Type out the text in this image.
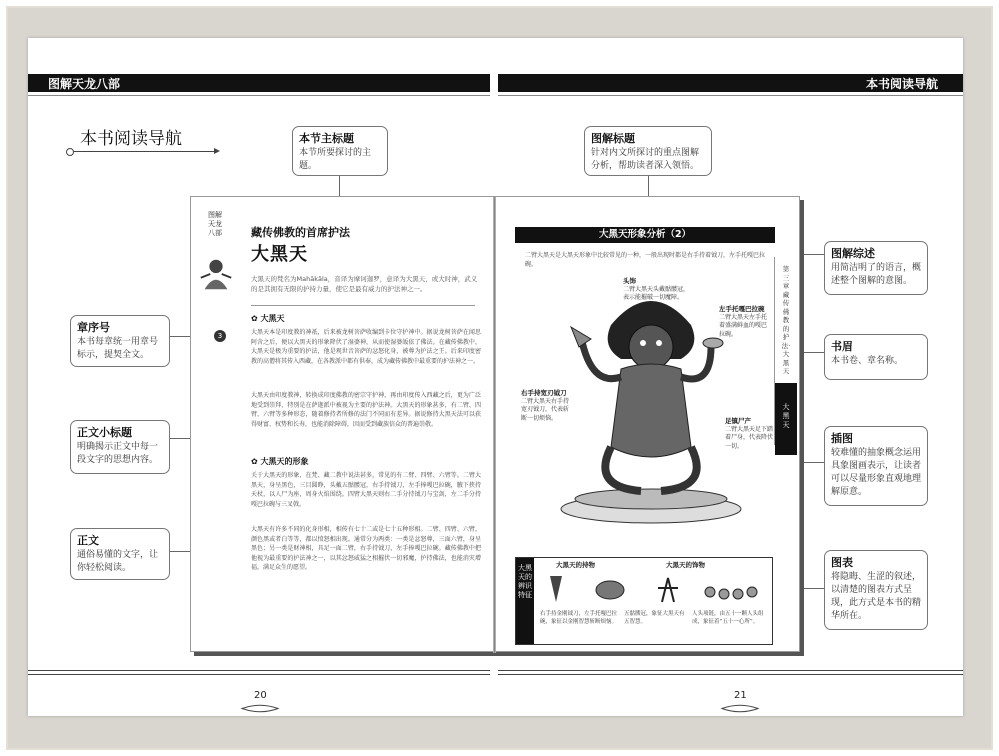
图解天龙八部	本书阅读导航
本书阅读导航	本节主标题
本节所要探讨的主题。
图解标题
针对内文所探讨的重点图解分析，帮助读者深入领悟。
章序号
本书每章统一用章号标示，提契全文。
正文小标题
明确揭示正文中每一段文字的思想内容。
正文
通俗易懂的文字，让你轻松阅读。
图解综述
用简洁明了的语言，概述整个图解的意图。
书眉
本书卷、章名称。
插图
较难懂的抽象概念运用具象图画表示，让读者可以尽量形象直观地理解原意。
图表
将隐晦、生涩的叙述，以清楚的图表方式呈现，此方式是本书的精华所在。
图解天龙八部
3
藏传佛教的首席护法
大黑天
大黑天的梵名为Mahākāla，音译为摩诃迦罗，意译为大黑天，或大时神，武义的是其拥有无限的护持力量，使它是最有威力的护法神之一。
✿ 大黑天
大黑天本是印度教的神祇，后来被龙树菩萨收编到卡位守护神中。据说龙树菩萨在闻思阿含之后，便以大黑天的形象降伏了湿婆神，从而使湿婆皈依了佛法。在藏传佛教中，大黑天是极为重要的护法，他是观世音菩萨的忿怒化身，被尊为护法之王。后来印度密教的高僧将其传入西藏，在各教派中都有供奉，成为藏传佛教中最重要的护法神之一。
大黑天由印度教神，转换成印度佛教的密宗守护神，再由印度传入西藏之后，更为广泛地受到崇拜，特别是在萨迦派中被视为主要的护法神。大黑天的形象甚多，有二臂、四臂、六臂等多种形态，随着修持者所修的法门不同而有差异。据说修持大黑天法可以获得财富、权势和长寿，也能消除障碍，因而受到藏族信众的普遍崇敬。
✿ 大黑天的形象
关于大黑天的形象，在梵、藏二教中说法甚多，常见的有二臂、四臂、六臂等。二臂大黑天，身呈黑色，三目圆睁，头戴五骷髅冠，右手持钺刀，左手捧嘎巴拉碗，腋下挟持天杖，以人尸为座，周身火焰围绕。四臂大黑天则右二手分持钺刀与宝剑，左二手分持嘎巴拉碗与三叉戟。
大黑天有许多不同的化身形相，相传有七十二或是七十五种形相。二臂、四臂、六臂，颜色黑或者白等等，都以愤怒相出现。通常分为两类：一类是忿怒尊，三面六臂，身呈黑色；另一类是财神相，具足一面二臂，右手持钺刀，左手捧嘎巴拉碗。藏传佛教中把他视为最重要的护法神之一，以其忿怒威猛之相摧伏一切邪魔，护持佛法，也能消灾增福，满足众生的愿望。
大黑天形象分析（2）
二臂大黑天是大黑天形象中比较常见的一种，一般出现时都是右手持着钺刀，左手托嘎巴拉碗。
第三章 藏传佛教的护法·大黑天
大黑天
头饰
二臂大黑天头戴骷髅冠，表示能摧破一切魔障。
左手托嘎巴拉碗
二臂大黑天左手托着盛满鲜血的嘎巴拉碗。
右手持宽刃钺刀
二臂大黑天右手持宽刃钺刀，代表斩断一切烦恼。	足镇尸产
二臂大黑天足下踏着尸身，代表降伏一切。
大黑天的辨识特征
大黑天的持物	大黑天的饰物
右手持金刚钺刀，左手托嘎巴拉碗，象征以金刚智慧斩断烦恼。
五骷髅冠，象征大黑天有五智慧。
人头项链，由五十一颗人头组成，象征着“五十一心所”。
20	21
